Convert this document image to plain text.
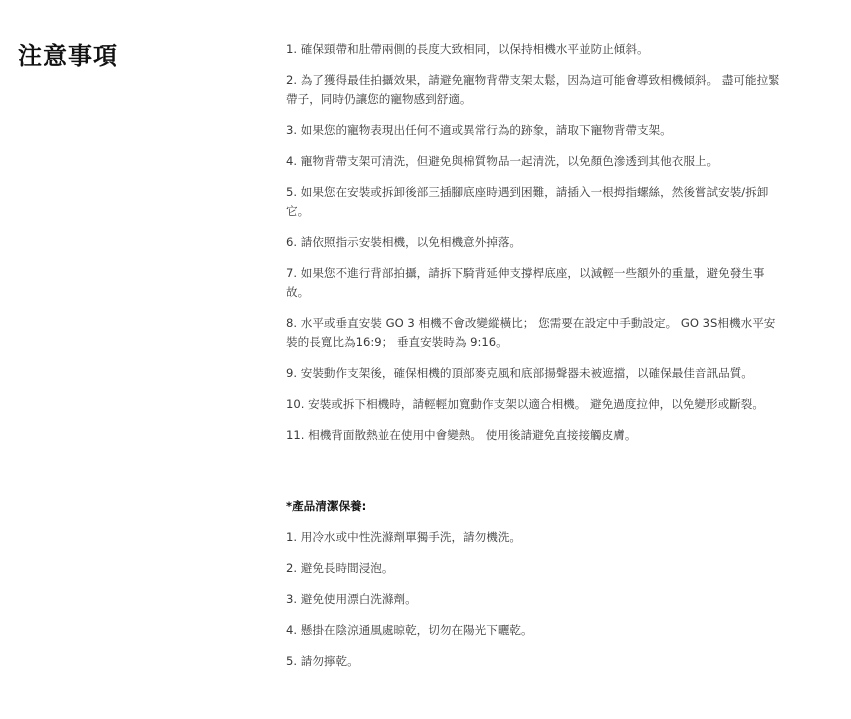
注意事項	1. 確保頸帶和肚帶兩側的長度大致相同，以保持相機水平並防止傾斜。
2. 為了獲得最佳拍攝效果，請避免寵物背帶支架太鬆，因為這可能會導致相機傾斜。 盡可能拉緊帶子，同時仍讓您的寵物感到舒適。
3. 如果您的寵物表現出任何不適或異常行為的跡象，請取下寵物背帶支架。
4. 寵物背帶支架可清洗，但避免與棉質物品一起清洗，以免顏色滲透到其他衣服上。
5. 如果您在安裝或拆卸後部三插腳底座時遇到困難，請插入一根拇指螺絲，然後嘗試安裝/拆卸它。
6. 請依照指示安裝相機，以免相機意外掉落。
7. 如果您不進行背部拍攝，請拆下騎背延伸支撐桿底座，以減輕一些額外的重量，避免發生事故。
8. 水平或垂直安裝 GO 3 相機不會改變縱橫比； 您需要在設定中手動設定。 GO 3S相機水平安裝的長寬比為16:9； 垂直安裝時為 9:16。
9. 安裝動作支架後，確保相機的頂部麥克風和底部揚聲器未被遮擋，以確保最佳音訊品質。
10. 安裝或拆下相機時，請輕輕加寬動作支架以適合相機。 避免過度拉伸，以免變形或斷裂。
11. 相機背面散熱並在使用中會變熱。 使用後請避免直接接觸皮膚。
*產品清潔保養:
1. 用冷水或中性洗滌劑單獨手洗，請勿機洗。
2. 避免長時間浸泡。
3. 避免使用漂白洗滌劑。
4. 懸掛在陰涼通風處晾乾，切勿在陽光下曬乾。
5. 請勿擰乾。
